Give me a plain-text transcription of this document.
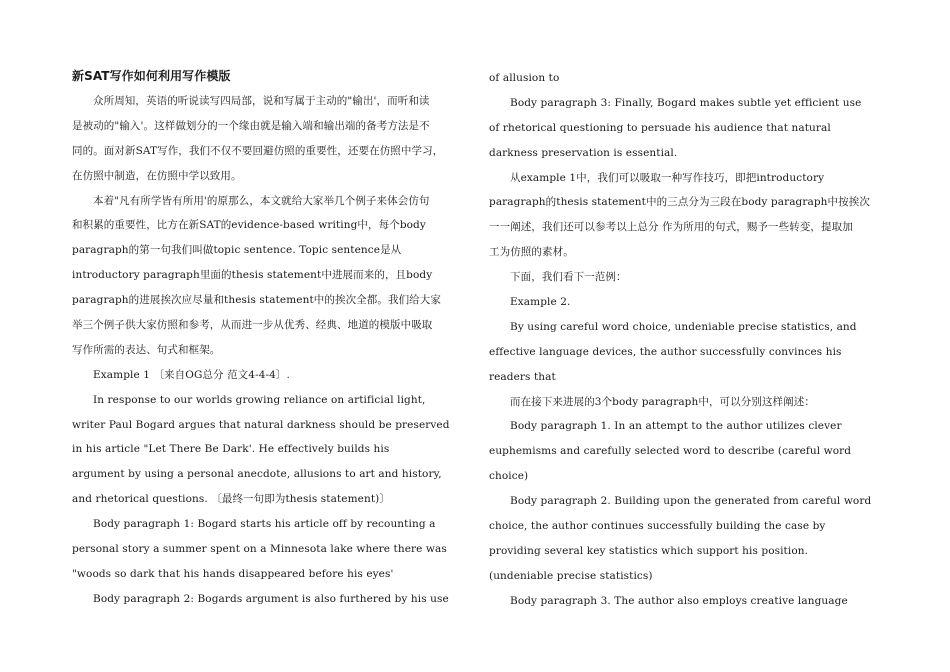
新SAT写作如何利用写作模版
众所周知，英语的听说读写四局部，说和写属于主动的"输出'，而听和读
是被动的"输入'。这样做划分的一个缘由就是输入端和输出端的备考方法是不
同的。面对新SAT写作，我们不仅不要回避仿照的重要性，还要在仿照中学习，
在仿照中制造，在仿照中学以致用。
本着"凡有所学皆有所用'的原那么，本文就给大家举几个例子来体会仿句
和积累的重要性，比方在新SAT的evidence-based writing中，每个body
paragraph的第一句我们叫做topic sentence. Topic sentence是从
introductory paragraph里面的thesis statement中进展而来的，且body
paragraph的进展挨次应尽量和thesis statement中的挨次全都。我们给大家
举三个例子供大家仿照和参考，从而进一步从优秀、经典、地道的模版中吸取
写作所需的表达、句式和框架。
Example 1 〔来自OG总分 范文4-4-4〕.
In response to our worlds growing reliance on artificial light,
writer Paul Bogard argues that natural darkness should be preserved
in his article "Let There Be Dark'. He effectively builds his
argument by using a personal anecdote, allusions to art and history,
and rhetorical questions. 〔最终一句即为thesis statement)〕
Body paragraph 1: Bogard starts his article off by recounting a
personal story a summer spent on a Minnesota lake where there was
"woods so dark that his hands disappeared before his eyes'
Body paragraph 2: Bogards argument is also furthered by his use
of allusion to
Body paragraph 3: Finally, Bogard makes subtle yet efficient use
of rhetorical questioning to persuade his audience that natural
darkness preservation is essential.
从example 1中，我们可以吸取一种写作技巧，即把introductory
paragraph的thesis statement中的三点分为三段在body paragraph中按挨次
一一阐述，我们还可以参考以上总分 作为所用的句式，赐予一些转变，提取加
工为仿照的素材。
下面，我们看下一范例：
Example 2.
By using careful word choice, undeniable precise statistics, and
effective language devices, the author successfully convinces his
readers that
而在接下来进展的3个body paragraph中，可以分别这样阐述：
Body paragraph 1. In an attempt to the author utilizes clever
euphemisms and carefully selected word to describe (careful word
choice)
Body paragraph 2. Building upon the generated from careful word
choice, the author continues successfully building the case by
providing several key statistics which support his position.
(undeniable precise statistics)
Body paragraph 3. The author also employs creative language
